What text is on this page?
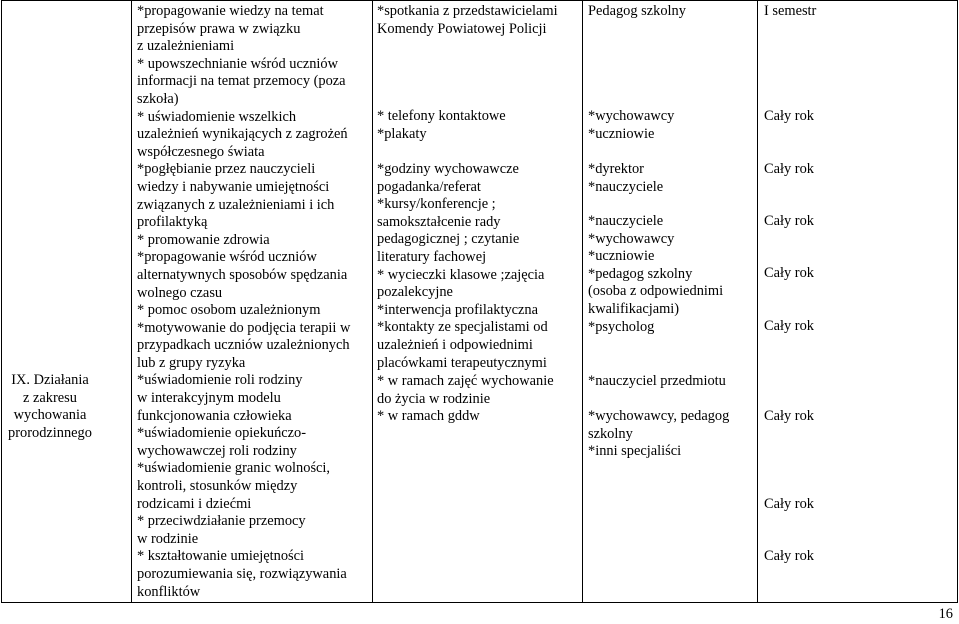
IX. Działania
z zakresu
wychowania
prorodzinnego
*propagowanie wiedzy na temat
przepisów prawa w związku
z uzależnieniami
* upowszechnianie wśród uczniów
informacji na temat przemocy (poza
szkoła)
* uświadomienie wszelkich
uzależnień wynikających z zagrożeń
współczesnego świata
*pogłębianie przez nauczycieli
wiedzy i nabywanie umiejętności
związanych z uzależnieniami i ich
profilaktyką
* promowanie zdrowia
*propagowanie wśród uczniów
alternatywnych sposobów spędzania
wolnego czasu
* pomoc osobom uzależnionym
*motywowanie do podjęcia terapii w
przypadkach uczniów uzależnionych
lub z grupy ryzyka
*uświadomienie roli rodziny
w interakcyjnym modelu
funkcjonowania człowieka
*uświadomienie opiekuńczo-
wychowawczej roli rodziny
*uświadomienie granic wolności,
kontroli, stosunków między
rodzicami i dziećmi
* przeciwdziałanie przemocy
w rodzinie
* kształtowanie umiejętności
porozumiewania się, rozwiązywania
konfliktów
*spotkania z przedstawicielami
Komendy Powiatowej Policji
* telefony kontaktowe
*plakaty
*godziny wychowawcze
pogadanka/referat
*kursy/konferencje ;
samokształcenie rady
pedagogicznej ; czytanie
literatury fachowej
* wycieczki klasowe ;zajęcia
pozalekcyjne
*interwencja profilaktyczna
*kontakty ze specjalistami od
uzależnień i odpowiednimi
placówkami terapeutycznymi
* w ramach zajęć wychowanie
do życia w rodzinie
* w ramach gddw
Pedagog szkolny
*wychowawcy
*uczniowie
*dyrektor
*nauczyciele
*nauczyciele
*wychowawcy
*uczniowie
*pedagog szkolny
(osoba z odpowiednimi
kwalifikacjami)
*psycholog
*nauczyciel przedmiotu
*wychowawcy, pedagog
szkolny
*inni specjaliści
I semestr
Cały rok
Cały rok
Cały rok
Cały rok
Cały rok
Cały rok
Cały rok
Cały rok
16
